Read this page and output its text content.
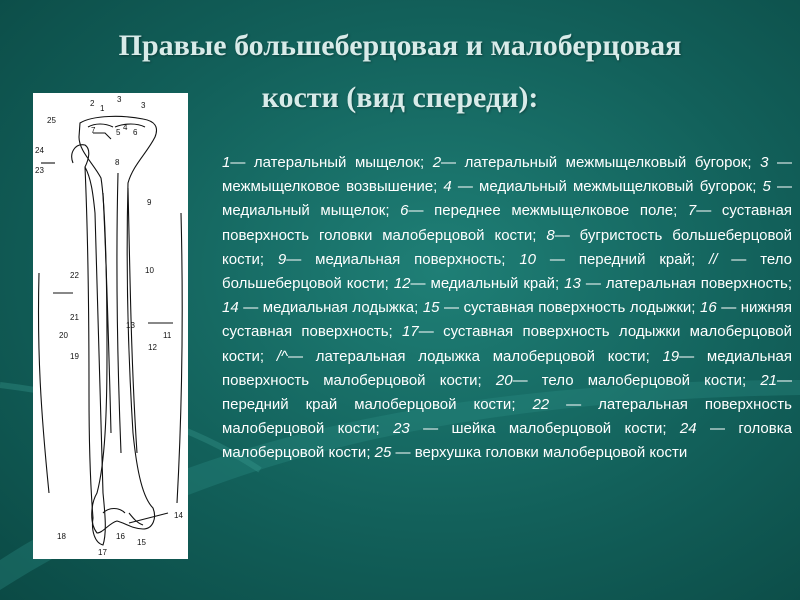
Правые большеберцовая и малоберцовая
кости (вид спереди):
2	3
3
1
25
7	5
4
6
24
23
8
9
10
22
21
13
11
20
12
19
14
18	16
15
17
1— латеральный мыщелок; 2— латеральный межмыщелковый бугорок; 3 — межмыщелковое возвышение; 4 — медиальный межмыщелковый бугорок; 5 — медиальный мыщелок; 6— переднее межмыщелковое поле; 7— суставная поверхность головки малоберцовой кости; 8— бугристость большеберцовой кости; 9— медиальная поверхность; 10 — передний край; // — тело большеберцовой кости; 12— медиальный край; 13 — латеральная поверхность; 14 — медиальная лодыжка; 15 — суставная поверхность лодыжки; 16 — нижняя суставная поверхность; 17— суставная поверхность лодыжки малоберцовой кости; /^— латеральная лодыжка малоберцовой кости; 19— медиальная поверхность малоберцовой кости; 20— тело малоберцовой кости; 21— передний край малоберцовой кости; 22 — латеральная поверхность малоберцовой кости; 23 — шейка малоберцовой кости; 24 — головка малоберцовой кости; 25 — верхушка головки малоберцовой кости
